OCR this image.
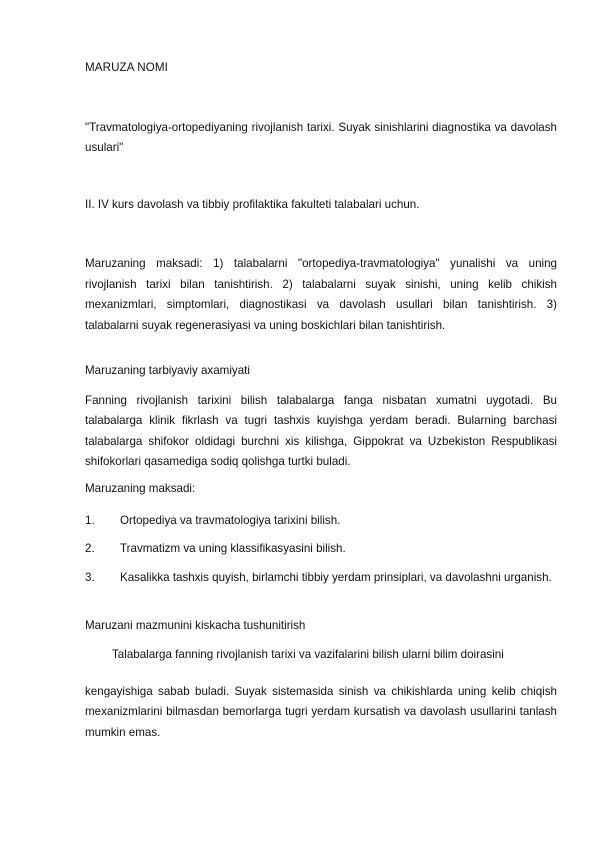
MARUZA NOMI
"Travmatologiya-ortopediyaning rivojlanish tarixi. Suyak sinishlarini diagnostika va davolash usulari"
II. IV kurs davolash va tibbiy profilaktika fakulteti talabalari uchun.
Maruzaning maksadi: 1) talabalarni "ortopediya-travmatologiya" yunalishi va uning rivojlanish tarixi bilan tanishtirish. 2) talabalarni suyak sinishi, uning kelib chikish mexanizmlari, simptomlari, diagnostikasi va davolash usullari bilan tanishtirish. 3) talabalarni suyak regenerasiyasi va uning boskichlari bilan tanishtirish.
Maruzaning tarbiyaviy axamiyati
Fanning rivojlanish tarixini bilish talabalarga fanga nisbatan xumatni uygotadi. Bu talabalarga klinik fikrlash va tugri tashxis kuyishga yerdam beradi. Bularning barchasi talabalarga shifokor oldidagi burchni xis kilishga, Gippokrat va Uzbekiston Respublikasi shifokorlari qasamediga sodiq qolishga turtki buladi.
Maruzaning maksadi:
1. Ortopediya va travmatologiya tarixini bilish.
2. Travmatizm va uning klassifikasyasini bilish.
3. Kasalikka tashxis quyish, birlamchi tibbiy yerdam prinsiplari, va davolashni urganish.
Maruzani mazmunini kiskacha tushunitirish
Talabalarga fanning rivojlanish tarixi va vazifalarini bilish ularni bilim doirasini
kengayishiga sabab buladi. Suyak sistemasida sinish va chikishlarda uning kelib chiqish mexanizmlarini bilmasdan bemorlarga tugri yerdam kursatish va davolash usullarini tanlash mumkin emas.
